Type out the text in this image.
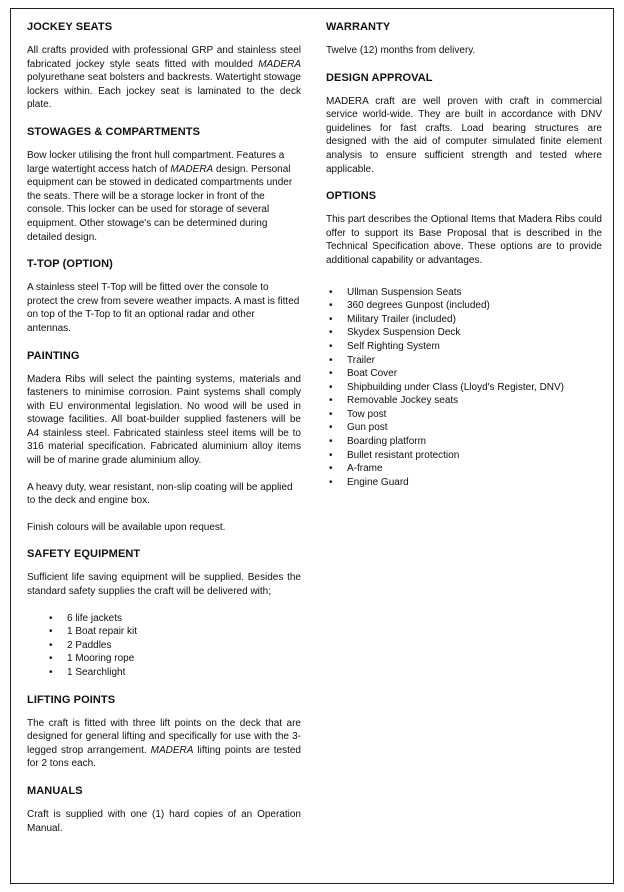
JOCKEY SEATS

All crafts provided with professional GRP and stainless steel fabricated jockey style seats fitted with moulded MADERA polyurethane seat bolsters and backrests. Watertight stowage lockers within. Each jockey seat is laminated to the deck plate.

STOWAGES & COMPARTMENTS

Bow locker utilising the front hull compartment. Features a large watertight access hatch of MADERA design. Personal equipment can be stowed in dedicated compartments under the seats. There will be a storage locker in front of the console. This locker can be used for storage of several equipment. Other stowage's can be determined during detailed design.

T-TOP (OPTION)

A stainless steel T-Top will be fitted over the console to protect the crew from severe weather impacts. A mast is fitted on top of the T-Top to fit an optional radar and other antennas.

PAINTING

Madera Ribs will select the painting systems, materials and fasteners to minimise corrosion. Paint systems shall comply with EU environmental legislation. No wood will be used in stowage facilities. All boat-builder supplied fasteners will be A4 stainless steel. Fabricated stainless steel items will be to 316 material specification. Fabricated aluminium alloy items will be of marine grade aluminium alloy.

A heavy duty, wear resistant, non-slip coating will be applied to the deck and engine box.

Finish colours will be available upon request.

SAFETY EQUIPMENT

Sufficient life saving equipment will be supplied. Besides the standard safety supplies the craft will be delivered with;

• 6 life jackets
• 1 Boat repair kit
• 2 Paddles
• 1 Mooring rope
• 1 Searchlight
LIFTING POINTS

The craft is fitted with three lift points on the deck that are designed for general lifting and specifically for use with the 3-legged strop arrangement. MADERA lifting points are tested for 2 tons each.

MANUALS

Craft is supplied with one (1) hard copies of an Operation Manual.

WARRANTY

Twelve (12) months from delivery.

DESIGN APPROVAL

MADERA craft are well proven with craft in commercial service world-wide. They are built in accordance with DNV guidelines for fast crafts. Load bearing structures are designed with the aid of computer simulated finite element analysis to ensure sufficient strength and tested where applicable.

OPTIONS

This part describes the Optional Items that Madera Ribs could offer to support its Base Proposal that is described in the Technical Specification above. These options are to provide additional capability or advantages.

• Ullman Suspension Seats
• 360 degrees Gunpost (included)
• Military Trailer (included)
• Skydex Suspension Deck
• Self Righting System
• Trailer
• Boat Cover
• Shipbuilding under Class (Lloyd's Register, DNV)
• Removable Jockey seats
• Tow post
• Gun post
• Boarding platform
• Bullet resistant protection
• A-frame
• Engine Guard
